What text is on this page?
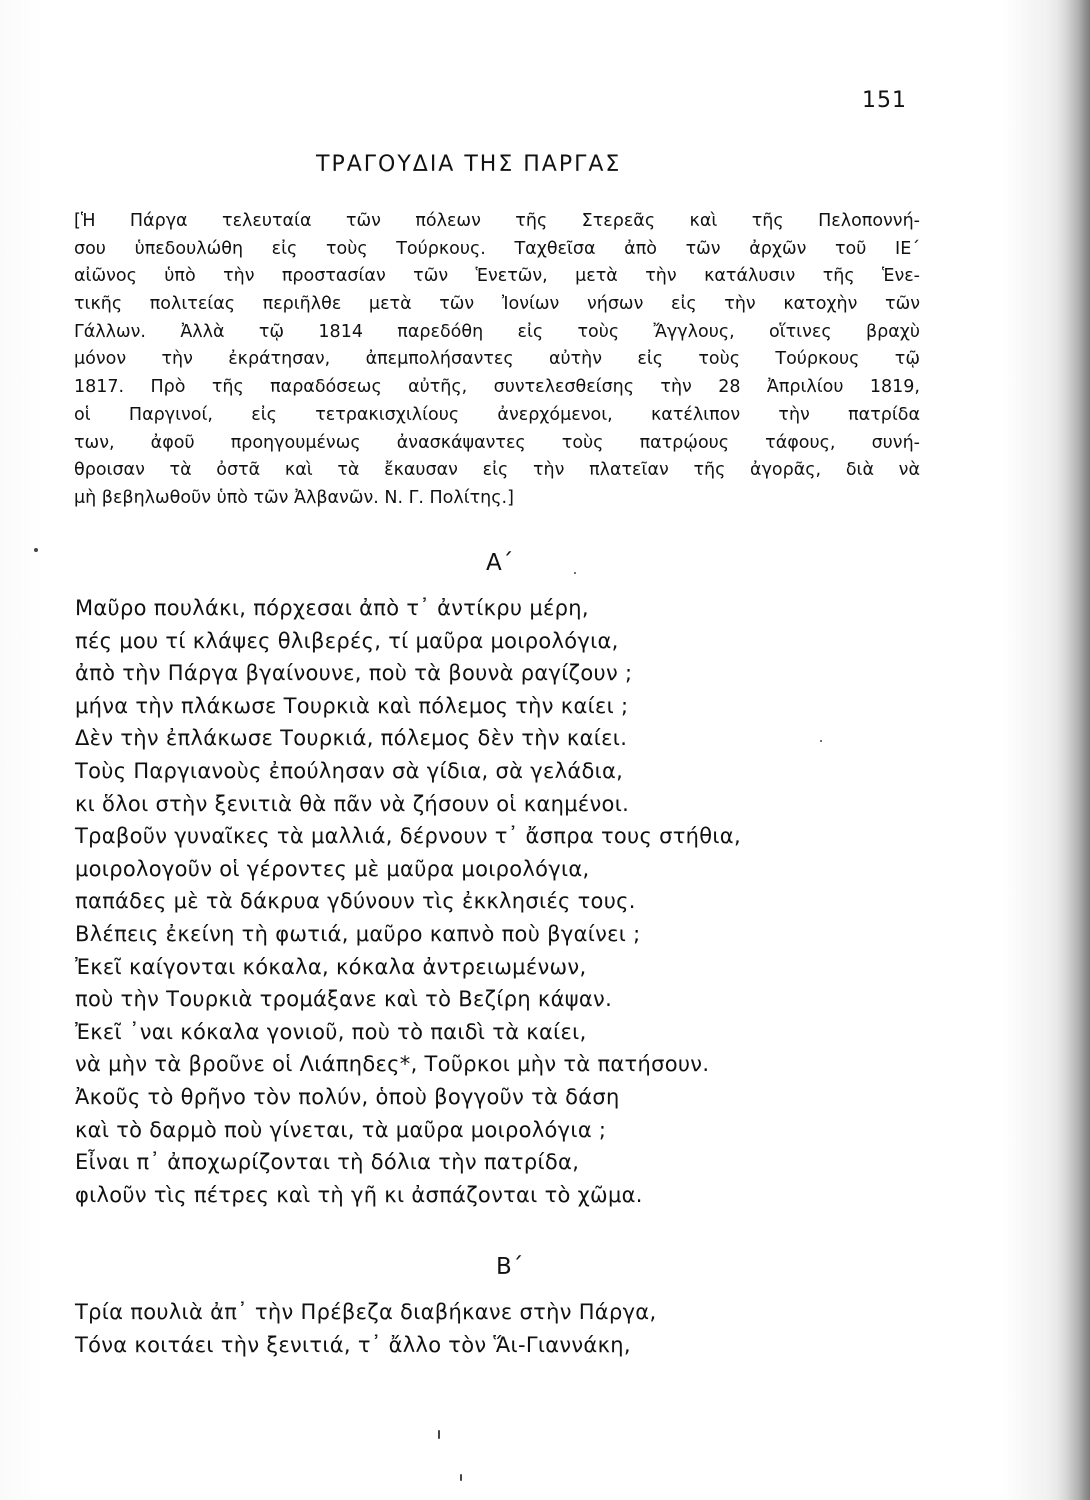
151
ΤΡΑΓΟΥΔΙΑ ΤΗΣ ΠΑΡΓΑΣ
[Ἡ Πάργα τελευταία τῶν πόλεων τῆς Στερεᾶς καὶ τῆς Πελοποννή-
σου ὑπεδουλώθη εἰς τοὺς Τούρκους. Ταχθεῖσα ἀπὸ τῶν ἀρχῶν τοῦ ΙΕ΄
αἰῶνος ὑπὸ τὴν προστασίαν τῶν Ἑνετῶν, μετὰ τὴν κατάλυσιν τῆς Ἑνε-
τικῆς πολιτείας περιῆλθε μετὰ τῶν Ἰονίων νήσων εἰς τὴν κατοχὴν τῶν
Γάλλων. Ἀλλὰ τῷ 1814 παρεδόθη εἰς τοὺς Ἄγγλους, οἵτινες βραχὺ
μόνον τὴν ἐκράτησαν, ἀπεμπολήσαντες αὐτὴν εἰς τοὺς Τούρκους τῷ
1817. Πρὸ τῆς παραδόσεως αὐτῆς, συντελεσθείσης τὴν 28 Ἀπριλίου 1819,
οἱ Παργινοί, εἰς τετρακισχιλίους ἀνερχόμενοι, κατέλιπον τὴν πατρίδα
των, ἀφοῦ προηγουμένως ἀνασκάψαντες τοὺς πατρῴους τάφους, συνή-
θροισαν τὰ ὀστᾶ καὶ τὰ ἔκαυσαν εἰς τὴν πλατεῖαν τῆς ἀγορᾶς, διὰ νὰ
μὴ βεβηλωθοῦν ὑπὸ τῶν Ἀλβανῶν. Ν. Γ. Πολίτης.]
Α΄
Μαῦρο πουλάκι, πόρχεσαι ἀπὸ τ᾿ ἀντίκρυ μέρη,
πές μου τί κλάψες θλιβερές, τί μαῦρα μοιρολόγια,
ἀπὸ τὴν Πάργα βγαίνουνε, ποὺ τὰ βουνὰ ραγίζουν ;
μήνα τὴν πλάκωσε Τουρκιὰ καὶ πόλεμος τὴν καίει ;
Δὲν τὴν ἐπλάκωσε Τουρκιά, πόλεμος δὲν τὴν καίει.
Τοὺς Παργιανοὺς ἐπούλησαν σὰ γίδια, σὰ γελάδια,
κι ὅλοι στὴν ξενιτιὰ θὰ πᾶν νὰ ζήσουν οἱ καημένοι.
Τραβοῦν γυναῖκες τὰ μαλλιά, δέρνουν τ᾿ ἄσπρα τους στήθια,
μοιρολογοῦν οἱ γέροντες μὲ μαῦρα μοιρολόγια,
παπάδες μὲ τὰ δάκρυα γδύνουν τὶς ἐκκλησιές τους.
Βλέπεις ἐκείνη τὴ φωτιά, μαῦρο καπνὸ ποὺ βγαίνει ;
Ἐκεῖ καίγονται κόκαλα, κόκαλα ἀντρειωμένων,
ποὺ τὴν Τουρκιὰ τρομάξανε καὶ τὸ Βεζίρη κάψαν.
Ἐκεῖ ᾿ναι κόκαλα γονιοῦ, ποὺ τὸ παιδὶ τὰ καίει,
νὰ μὴν τὰ βροῦνε οἱ Λιάπηδες*, Τοῦρκοι μὴν τὰ πατήσουν.
Ἀκοῦς τὸ θρῆνο τὸν πολύν, ὁποὺ βογγοῦν τὰ δάση
καὶ τὸ δαρμὸ ποὺ γίνεται, τὰ μαῦρα μοιρολόγια ;
Εἶναι π᾿ ἀποχωρίζονται τὴ δόλια τὴν πατρίδα,
φιλοῦν τὶς πέτρες καὶ τὴ γῆ κι ἀσπάζονται τὸ χῶμα.
Β΄
Τρία πουλιὰ ἀπ᾿ τὴν Πρέβεζα διαβήκανε στὴν Πάργα,
Τόνα κοιτάει τὴν ξενιτιά, τ᾿ ἄλλο τὸν Ἅι-Γιαννάκη,
